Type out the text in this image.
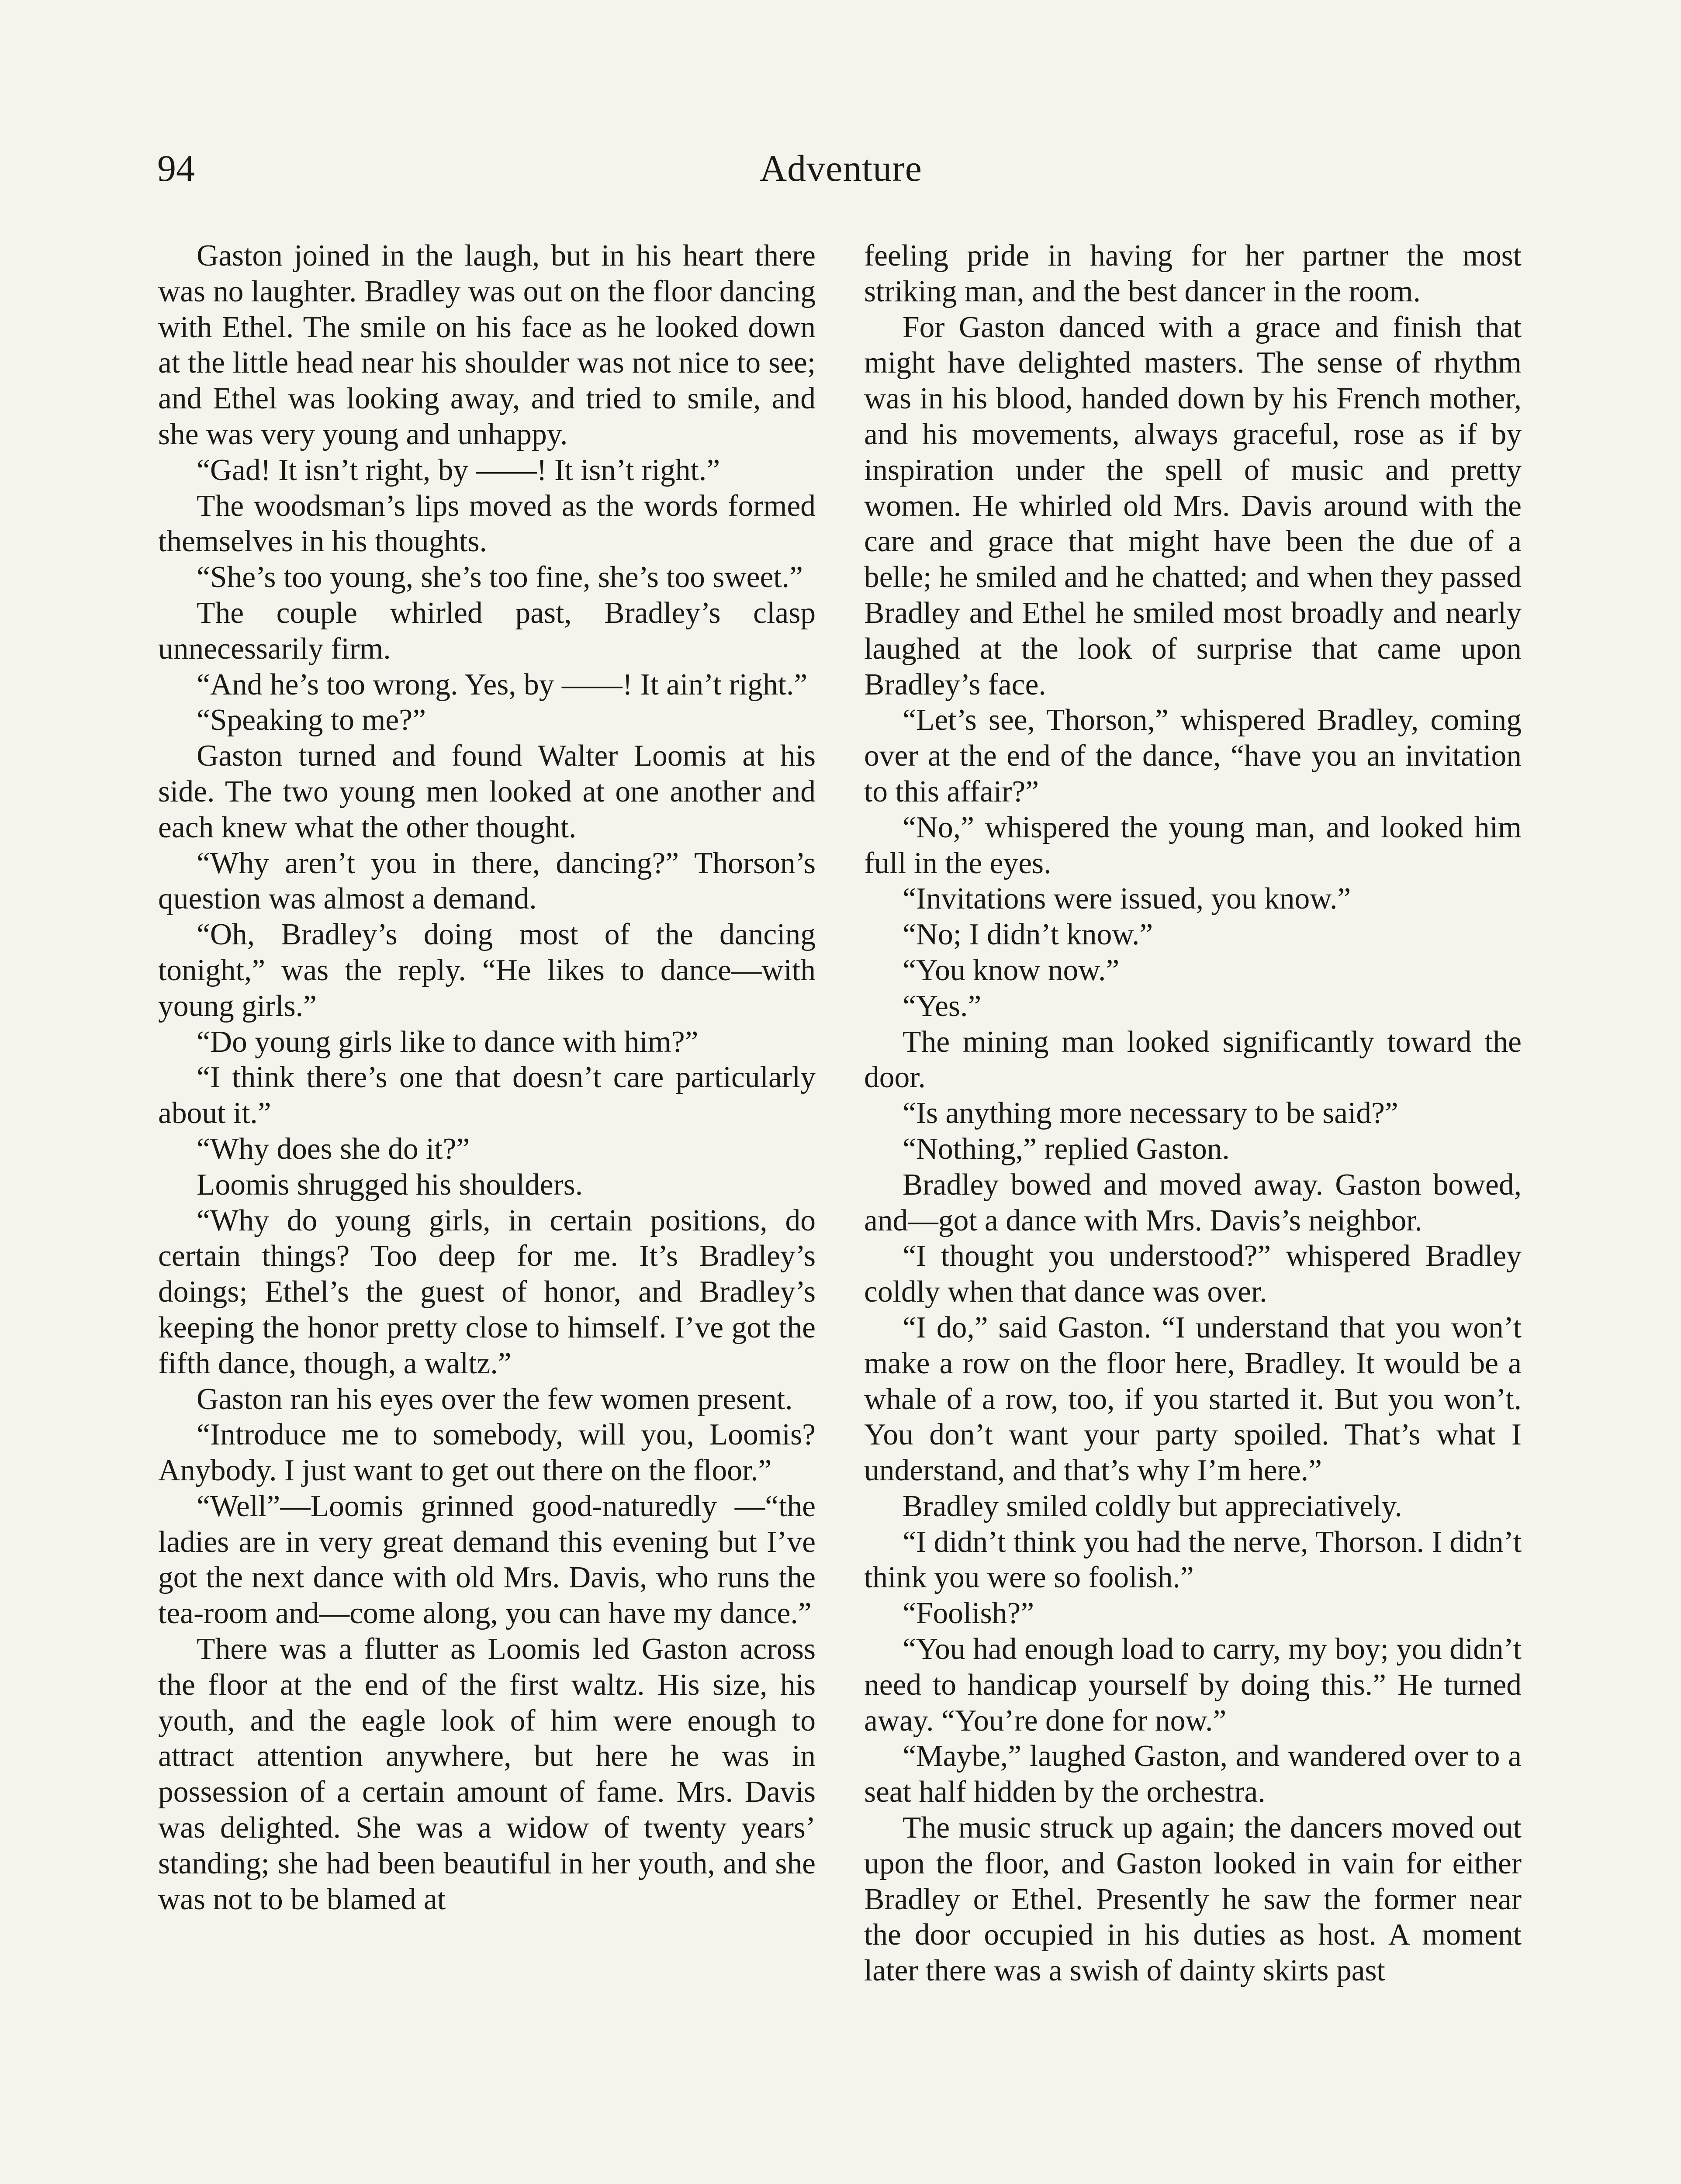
94	Adventure

Gaston joined in the laugh, but in his heart there was no laughter. Bradley was out on the floor dancing with Ethel. The smile on his face as he looked down at the little head near his shoulder was not nice to see; and Ethel was looking away, and tried to smile, and she was very young and unhappy.

“Gad! It isn’t right, by ——! It isn’t right.”

The woodsman’s lips moved as the words formed themselves in his thoughts.

“She’s too young, she’s too fine, she’s too sweet.”

The couple whirled past, Bradley’s clasp unnecessarily firm.

“And he’s too wrong. Yes, by ——! It ain’t right.”

“Speaking to me?”

Gaston turned and found Walter Loomis at his side. The two young men looked at one another and each knew what the other thought.

“Why aren’t you in there, dancing?” Thorson’s question was almost a demand.

“Oh, Bradley’s doing most of the dancing tonight,” was the reply. “He likes to dance—with young girls.”

“Do young girls like to dance with him?”

“I think there’s one that doesn’t care particularly about it.”

“Why does she do it?”

Loomis shrugged his shoulders.

“Why do young girls, in certain positions, do certain things? Too deep for me. It’s Bradley’s doings; Ethel’s the guest of honor, and Bradley’s keeping the honor pretty close to himself. I’ve got the fifth dance, though, a waltz.”

Gaston ran his eyes over the few women present.

“Introduce me to somebody, will you, Loomis? Anybody. I just want to get out there on the floor.”

“Well”—Loomis grinned good-naturedly —“the ladies are in very great demand this evening but I’ve got the next dance with old Mrs. Davis, who runs the tea-room and—come along, you can have my dance.”

There was a flutter as Loomis led Gaston across the floor at the end of the first waltz. His size, his youth, and the eagle look of him were enough to attract attention anywhere, but here he was in possession of a certain amount of fame. Mrs. Davis was delighted. She was a widow of twenty years’ standing; she had been beautiful in her youth, and she was not to be blamed at

feeling pride in having for her partner the most striking man, and the best dancer in the room.

For Gaston danced with a grace and finish that might have delighted masters. The sense of rhythm was in his blood, handed down by his French mother, and his movements, always graceful, rose as if by inspiration under the spell of music and pretty women. He whirled old Mrs. Davis around with the care and grace that might have been the due of a belle; he smiled and he chatted; and when they passed Bradley and Ethel he smiled most broadly and nearly laughed at the look of surprise that came upon Bradley’s face.

“Let’s see, Thorson,” whispered Bradley, coming over at the end of the dance, “have you an invitation to this affair?”

“No,” whispered the young man, and looked him full in the eyes.

“Invitations were issued, you know.”

“No; I didn’t know.”

“You know now.”

“Yes.”

The mining man looked significantly toward the door.

“Is anything more necessary to be said?”

“Nothing,” replied Gaston.

Bradley bowed and moved away. Gaston bowed, and—got a dance with Mrs. Davis’s neighbor.

“I thought you understood?” whispered Bradley coldly when that dance was over.

“I do,” said Gaston. “I understand that you won’t make a row on the floor here, Bradley. It would be a whale of a row, too, if you started it. But you won’t. You don’t want your party spoiled. That’s what I understand, and that’s why I’m here.”

Bradley smiled coldly but appreciatively.

“I didn’t think you had the nerve, Thorson. I didn’t think you were so foolish.”

“Foolish?”

“You had enough load to carry, my boy; you didn’t need to handicap yourself by doing this.” He turned away. “You’re done for now.”

“Maybe,” laughed Gaston, and wandered over to a seat half hidden by the orchestra.

The music struck up again; the dancers moved out upon the floor, and Gaston looked in vain for either Bradley or Ethel. Presently he saw the former near the door occupied in his duties as host. A moment later there was a swish of dainty skirts past
